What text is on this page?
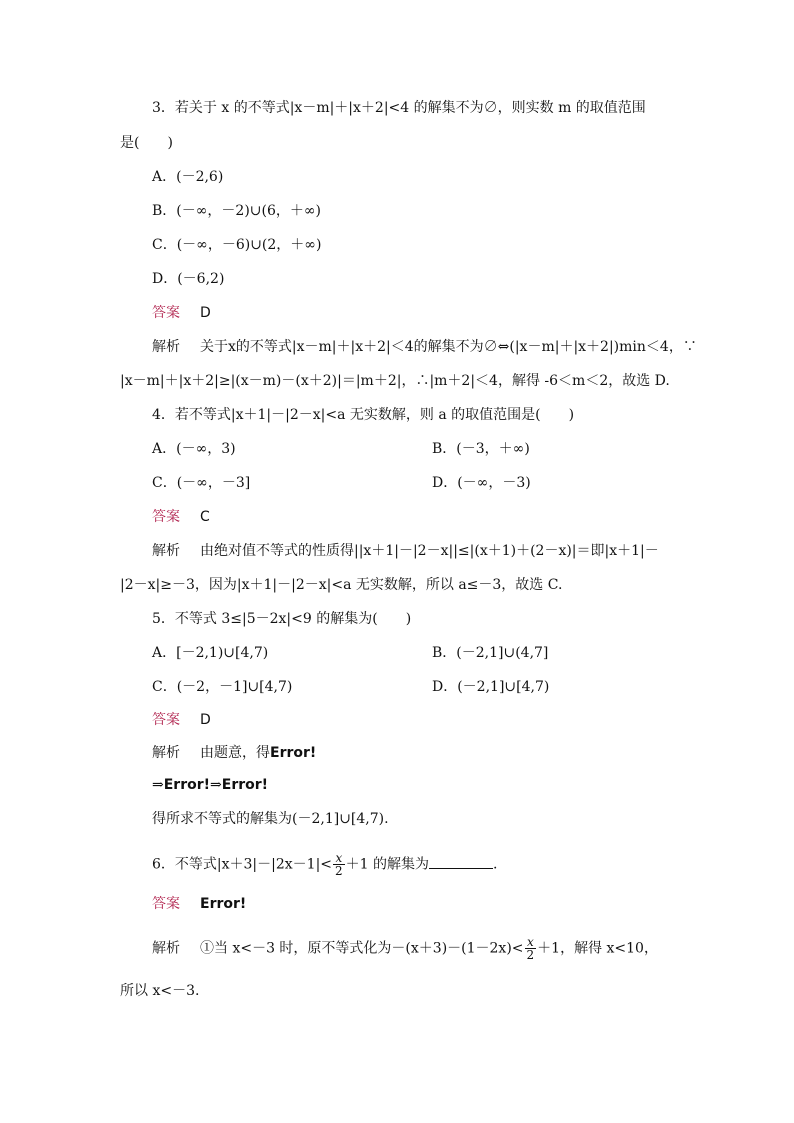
3．若关于 x 的不等式|x－m|＋|x＋2|<4 的解集不为∅，则实数 m 的取值范围
是(　　)
A．(－2,6)
B．(－∞，－2)∪(6，＋∞)
C．(－∞，－6)∪(2，＋∞)
D．(－6,2)
答案 D
解析 关于x的不等式|x－m|＋|x＋2|＜4的解集不为∅⇔(|x－m|＋|x＋2|)min＜4，∵
|x－m|＋|x＋2|≥|(x－m)－(x＋2)|＝|m＋2|，∴|m＋2|＜4，解得 -6＜m＜2，故选 D.
4．若不等式|x＋1|－|2－x|<a 无实数解，则 a 的取值范围是(　　)
A．(－∞，3)	B．(－3，＋∞)
C．(－∞，－3]	D．(－∞，－3)
答案 C
解析 由绝对值不等式的性质得||x＋1|－|2－x||≤|(x＋1)＋(2－x)|＝即|x＋1|－
|2－x|≥－3，因为|x＋1|－|2－x|<a 无实数解，所以 a≤－3，故选 C.
5．不等式 3≤|5－2x|<9 的解集为(　　)
A．[－2,1)∪[4,7)	B．(－2,1]∪(4,7]
C．(－2，－1]∪[4,7)	D．(－2,1]∪[4,7)
答案 D
解析 由题意，得Error!
⇒Error!⇒Error!
得所求不等式的解集为(－2,1]∪[4,7).
6．不等式$|x+3|-|2x-1|< \frac{x}{2} +1$ 的解集为	.
答案 Error!
解析 ①当 x<－3 时，原不等式化为$-(x+3)-(1-2x)< \frac{x}{2} +1$，解得 x<10，
所以 x<－3.
